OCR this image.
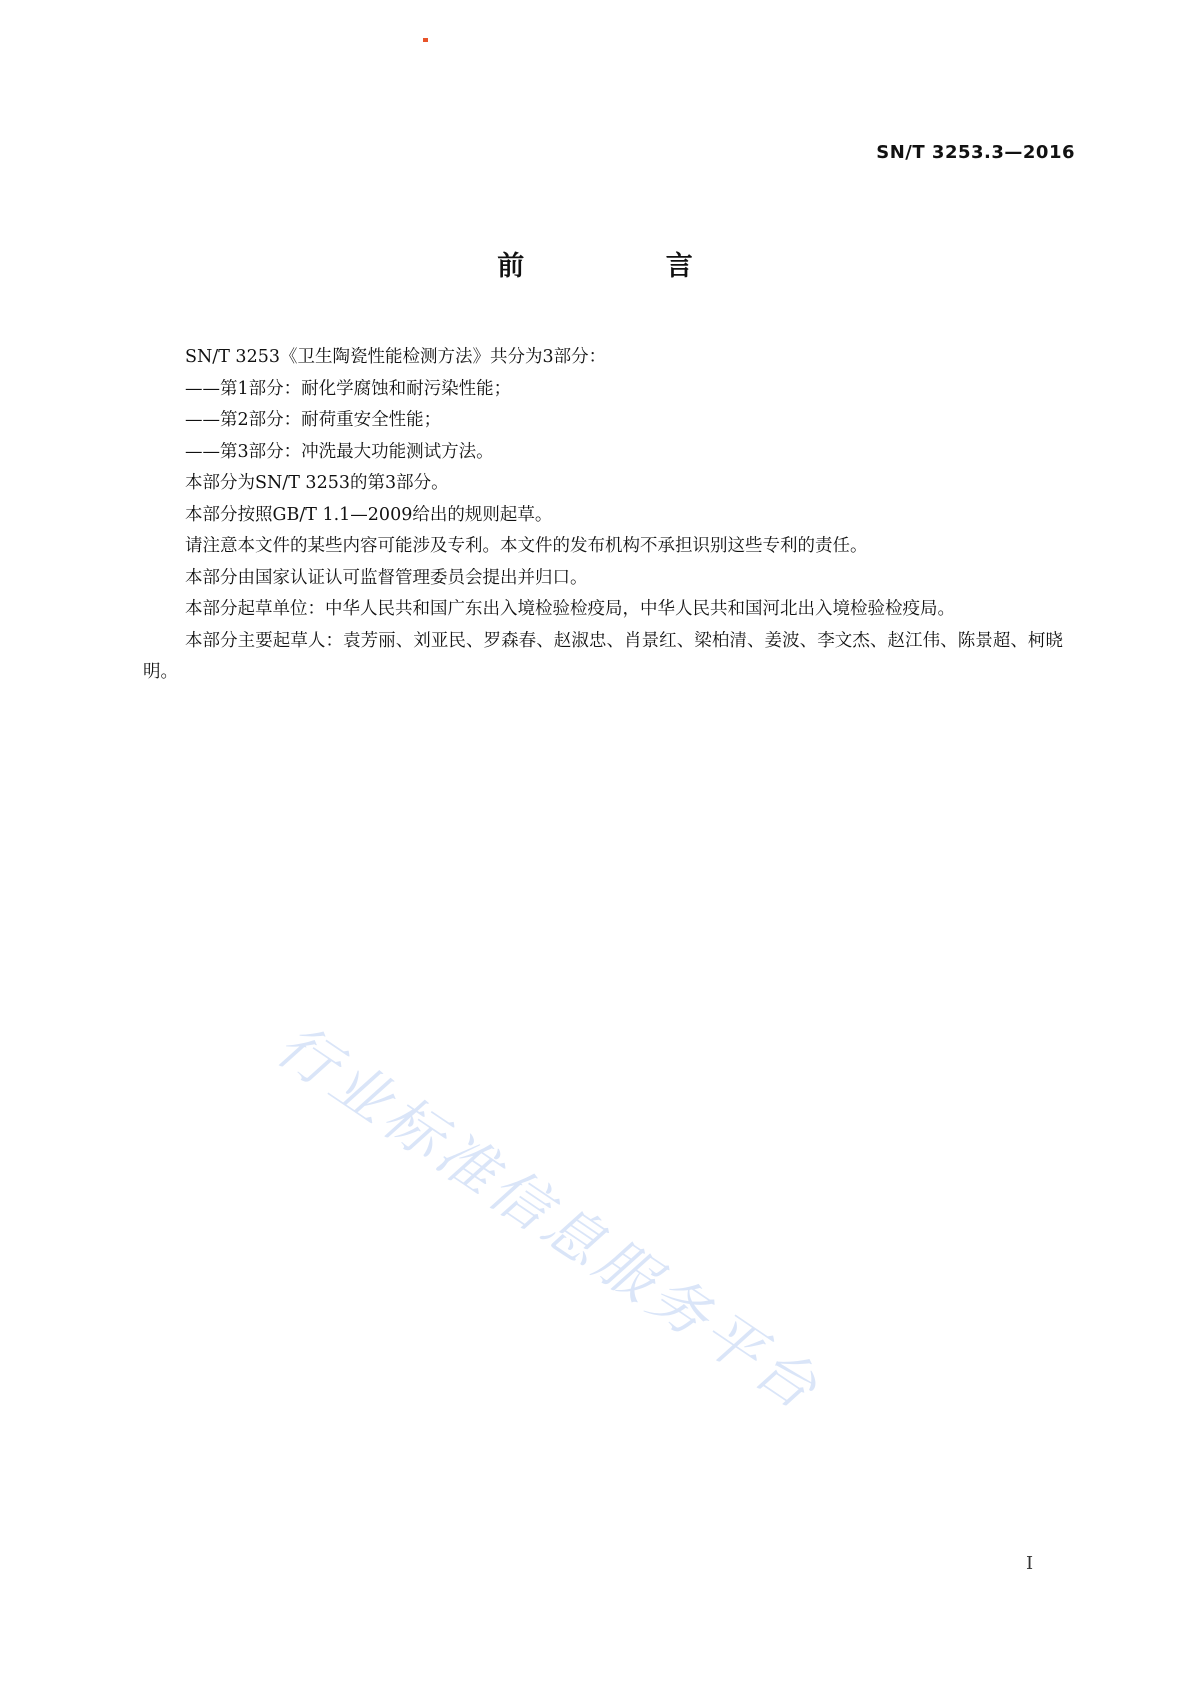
SN/T 3253.3—2016
前 言

SN/T 3253《卫生陶瓷性能检测方法》共分为3部分：

——第1部分：耐化学腐蚀和耐污染性能；

——第2部分：耐荷重安全性能；

——第3部分：冲洗最大功能测试方法。

本部分为SN/T 3253的第3部分。

本部分按照GB/T 1.1—2009给出的规则起草。

请注意本文件的某些内容可能涉及专利。本文件的发布机构不承担识别这些专利的责任。

本部分由国家认证认可监督管理委员会提出并归口。

本部分起草单位：中华人民共和国广东出入境检验检疫局，中华人民共和国河北出入境检验检疫局。

本部分主要起草人：袁芳丽、刘亚民、罗森春、赵淑忠、肖景红、梁柏清、姜波、李文杰、赵江伟、陈景超、柯晓明。

行业标准信息服务平台
I
